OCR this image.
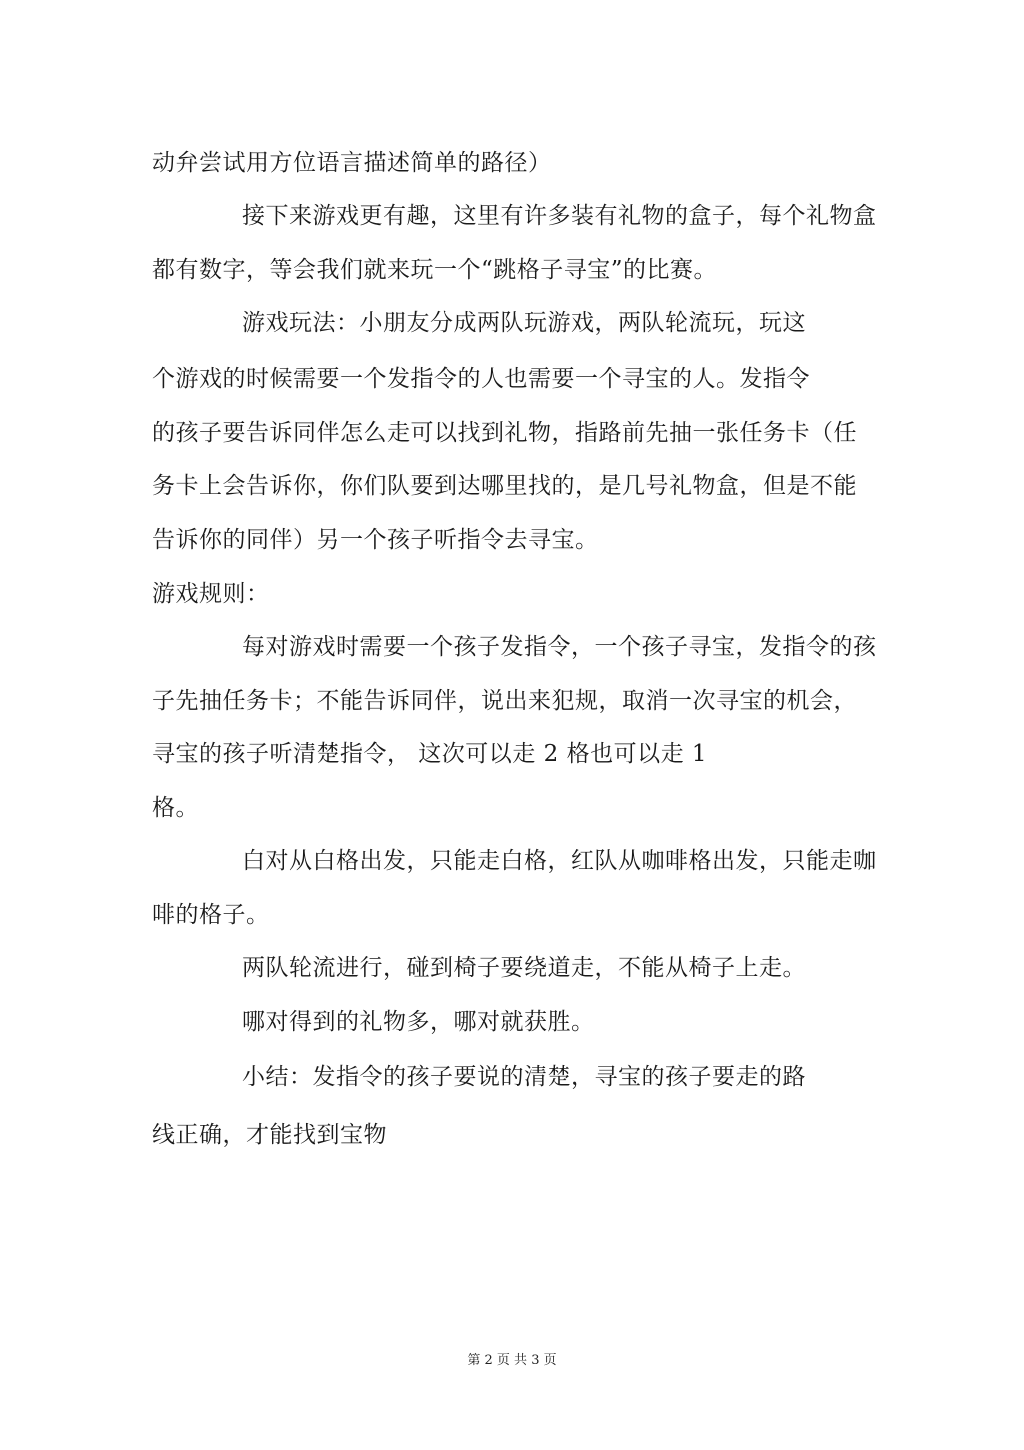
动弁尝试用方位语言描述简单的路径）
接下来游戏更有趣，这里有许多装有礼物的盒子，每个礼物盒
都有数字，等会我们就来玩一个“跳格子寻宝”的比赛。
游戏玩法：小朋友分成两队玩游戏，两队轮流玩，玩这
个游戏的时候需要一个发指令的人也需要一个寻宝的人。发指令
的孩子要告诉同伴怎么走可以找到礼物，指路前先抽一张任务卡（任
务卡上会告诉你，你们队要到达哪里找的，是几号礼物盒，但是不能
告诉你的同伴）另一个孩子听指令去寻宝。
游戏规则：
每对游戏时需要一个孩子发指令，一个孩子寻宝，发指令的孩
子先抽任务卡；不能告诉同伴，说出来犯规，取消一次寻宝的机会，
寻宝的孩子听清楚指令， 这次可以走 2 格也可以走 1
格。
白对从白格出发，只能走白格，红队从咖啡格出发，只能走咖
啡的格子。
两队轮流进行，碰到椅子要绕道走，不能从椅子上走。
哪对得到的礼物多，哪对就获胜。
小结：发指令的孩子要说的清楚，寻宝的孩子要走的路
线正确，才能找到宝物
第 2 页 共 3 页
